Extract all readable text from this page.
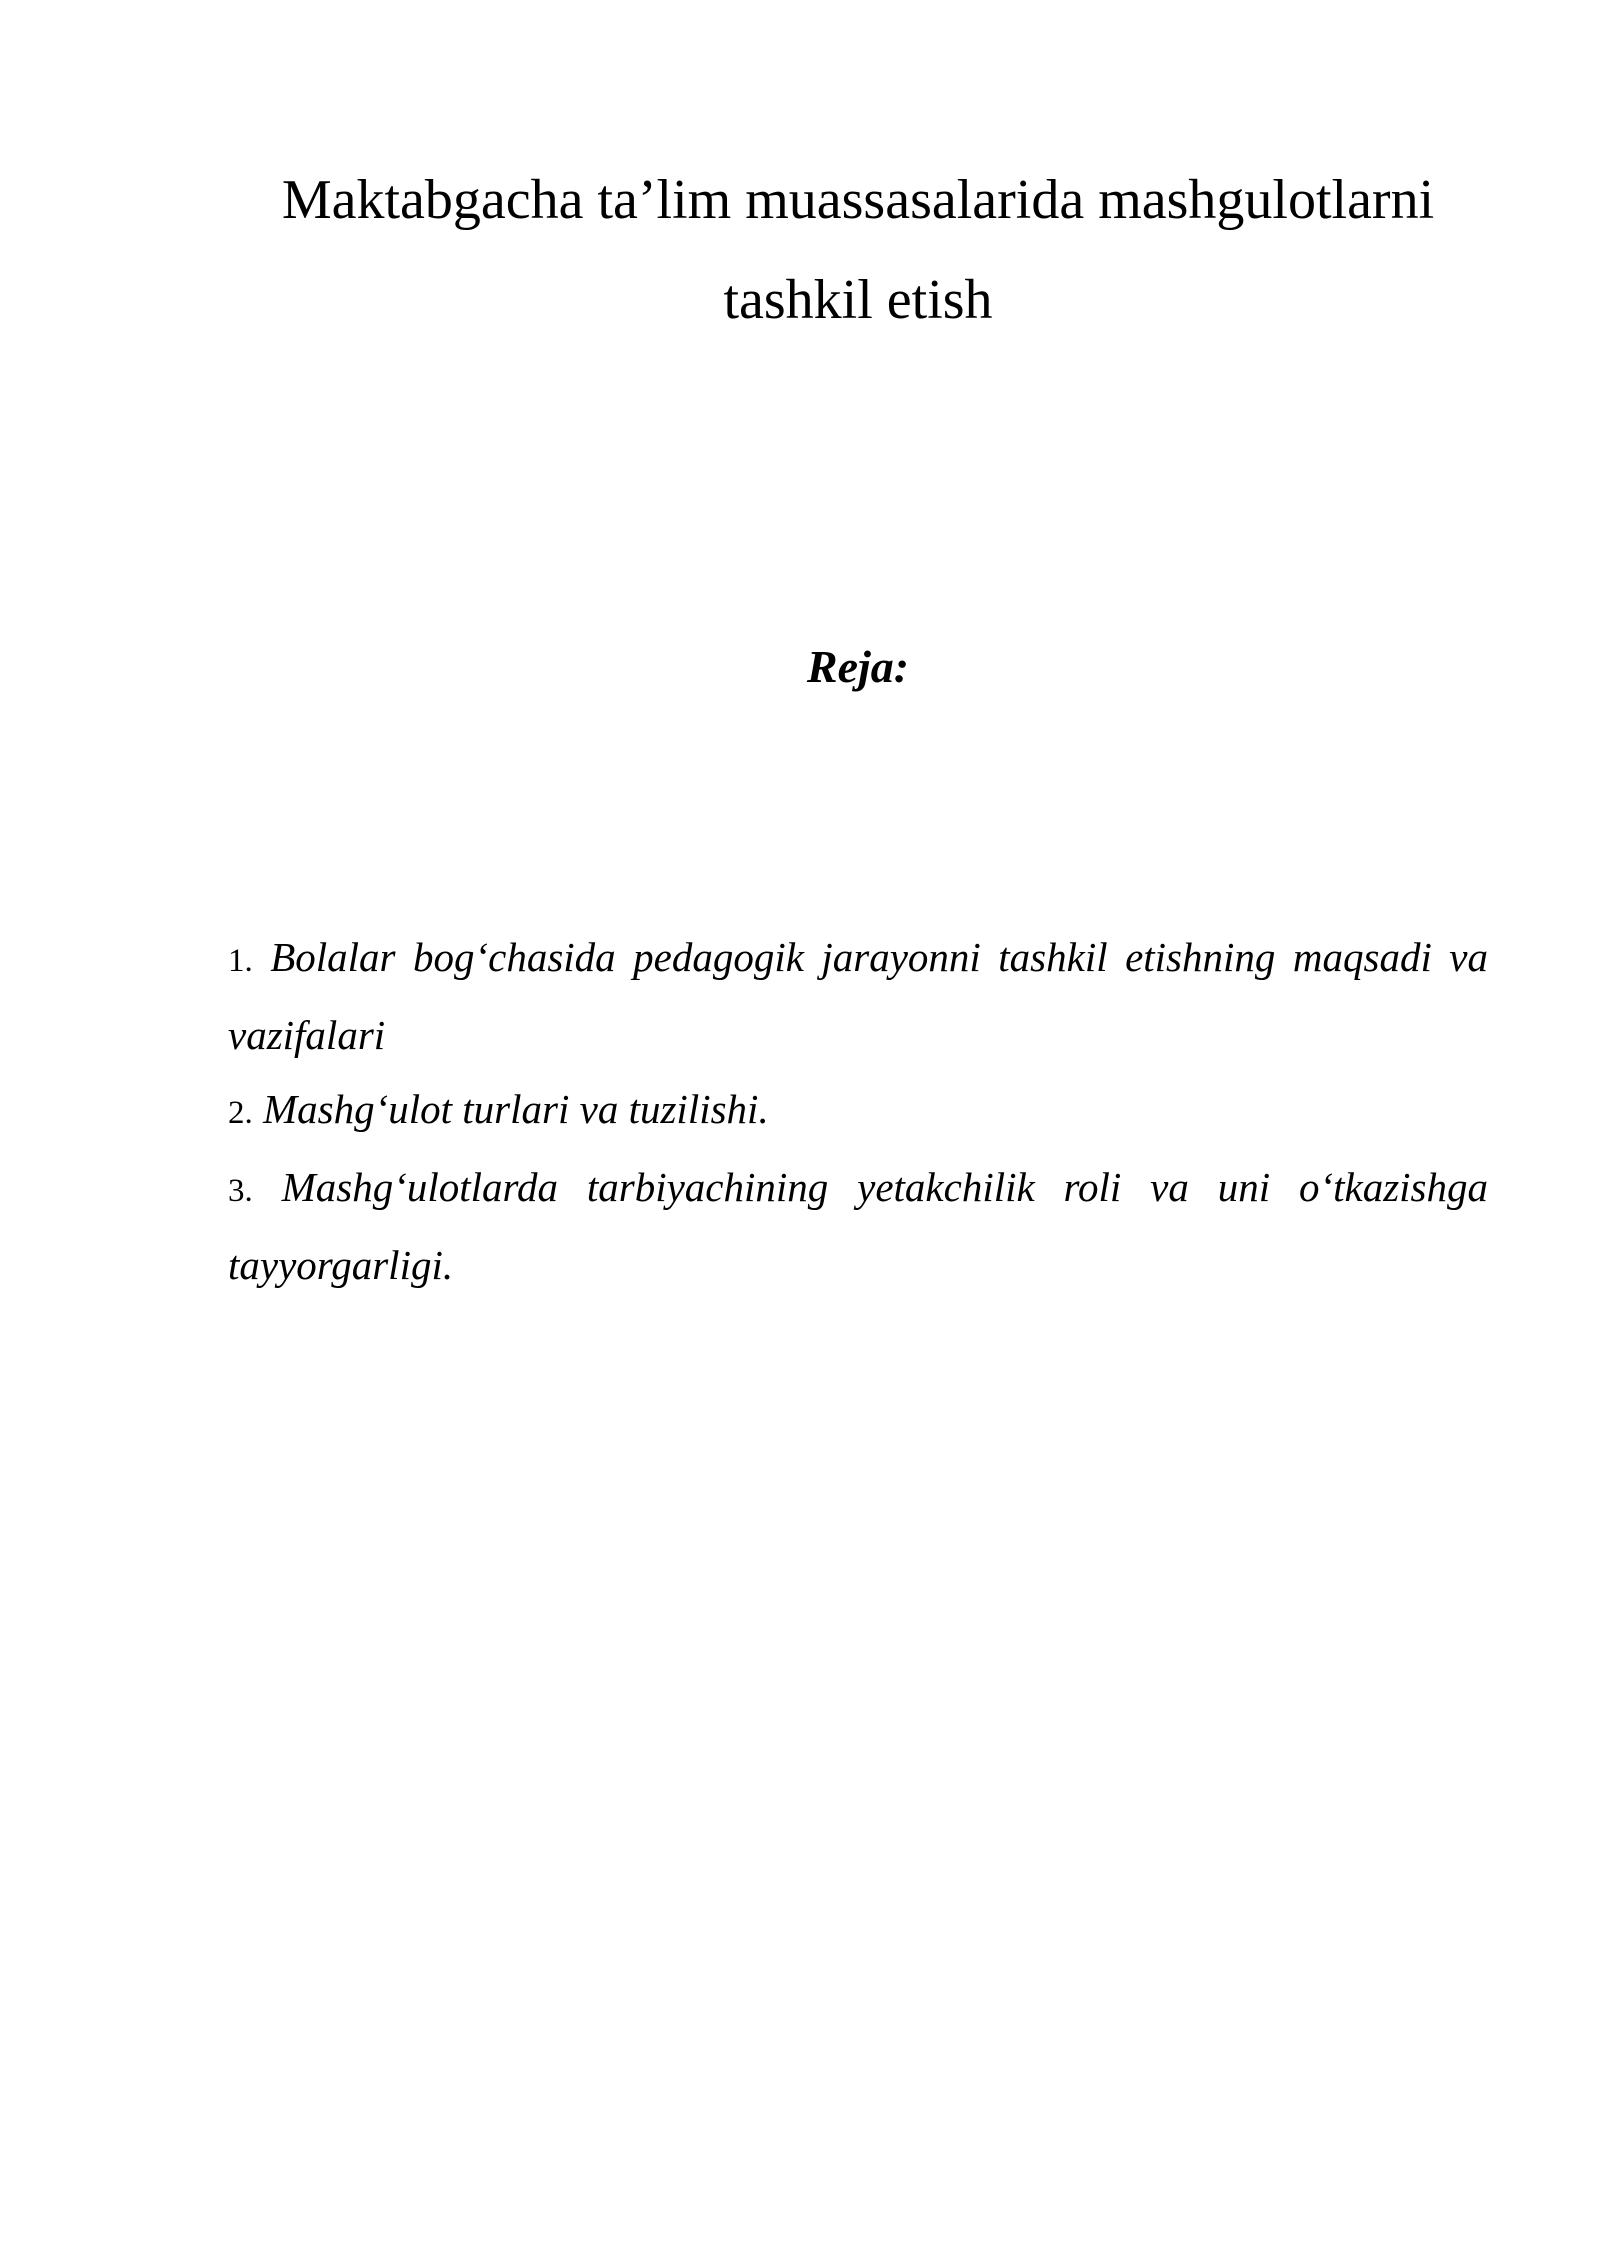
Maktabgacha ta’lim muassasalarida mashgulotlarni
tashkil etish
Reja:
1. Bolalar bog‘chasida pedagogik jarayonni tashkil etishning maqsadi va vazifalari
2. Mashg‘ulot turlari va tuzilishi.
3. Mashg‘ulotlarda tarbiyachining yetakchilik roli va uni o‘tkazishga tayyorgarligi.
